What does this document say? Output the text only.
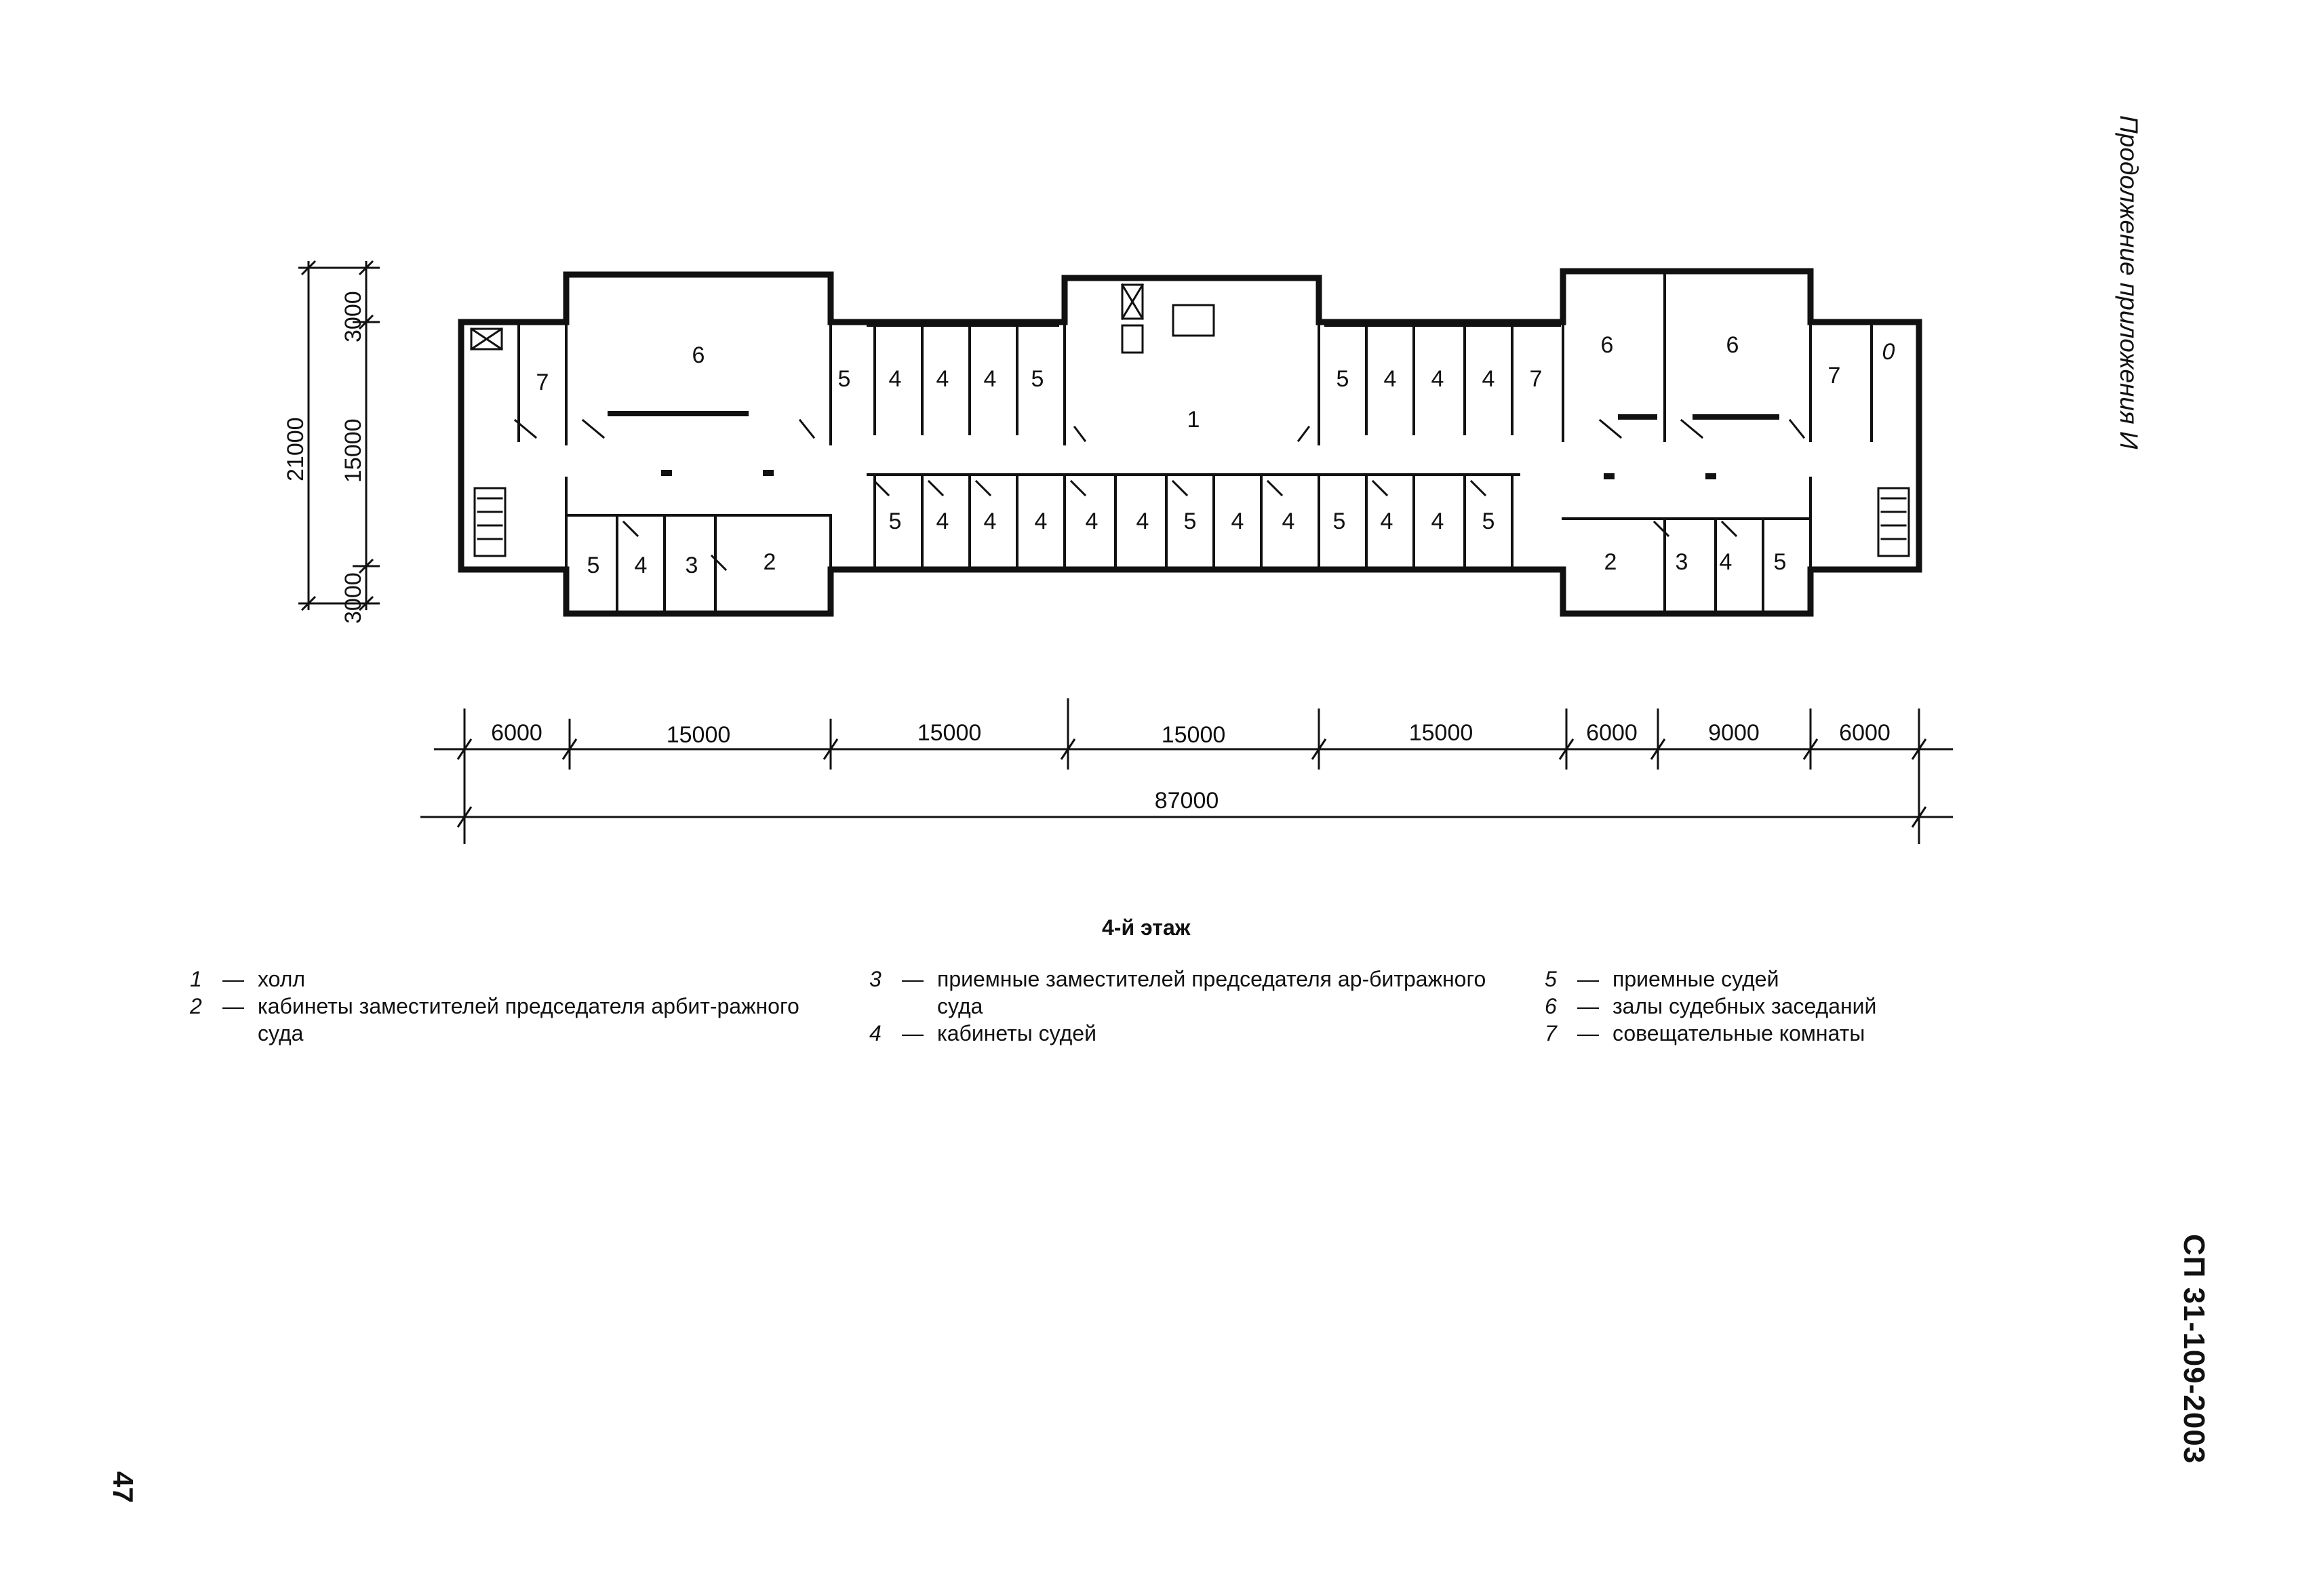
21000
3000
15000
3000
6000	15000	15000	15000	15000	6000	9000	6000
87000
7
6
5 4 4 4 5
1
5 4 4 4 7
6	6
7
0
5 4 3	2
5 4 4 4 4 4 5 4 4 5 4 4 5
2	3 4 5
Продолжение приложения И
СП 31-109-2003
47
4-й этаж
1 — холл
2 — кабинеты заместителей председателя арбит-ражного суда
3 — приемные заместителей председателя ар-битражного суда
4 — кабинеты судей
5 — приемные судей
6 — залы судебных заседаний
7 — совещательные комнаты
